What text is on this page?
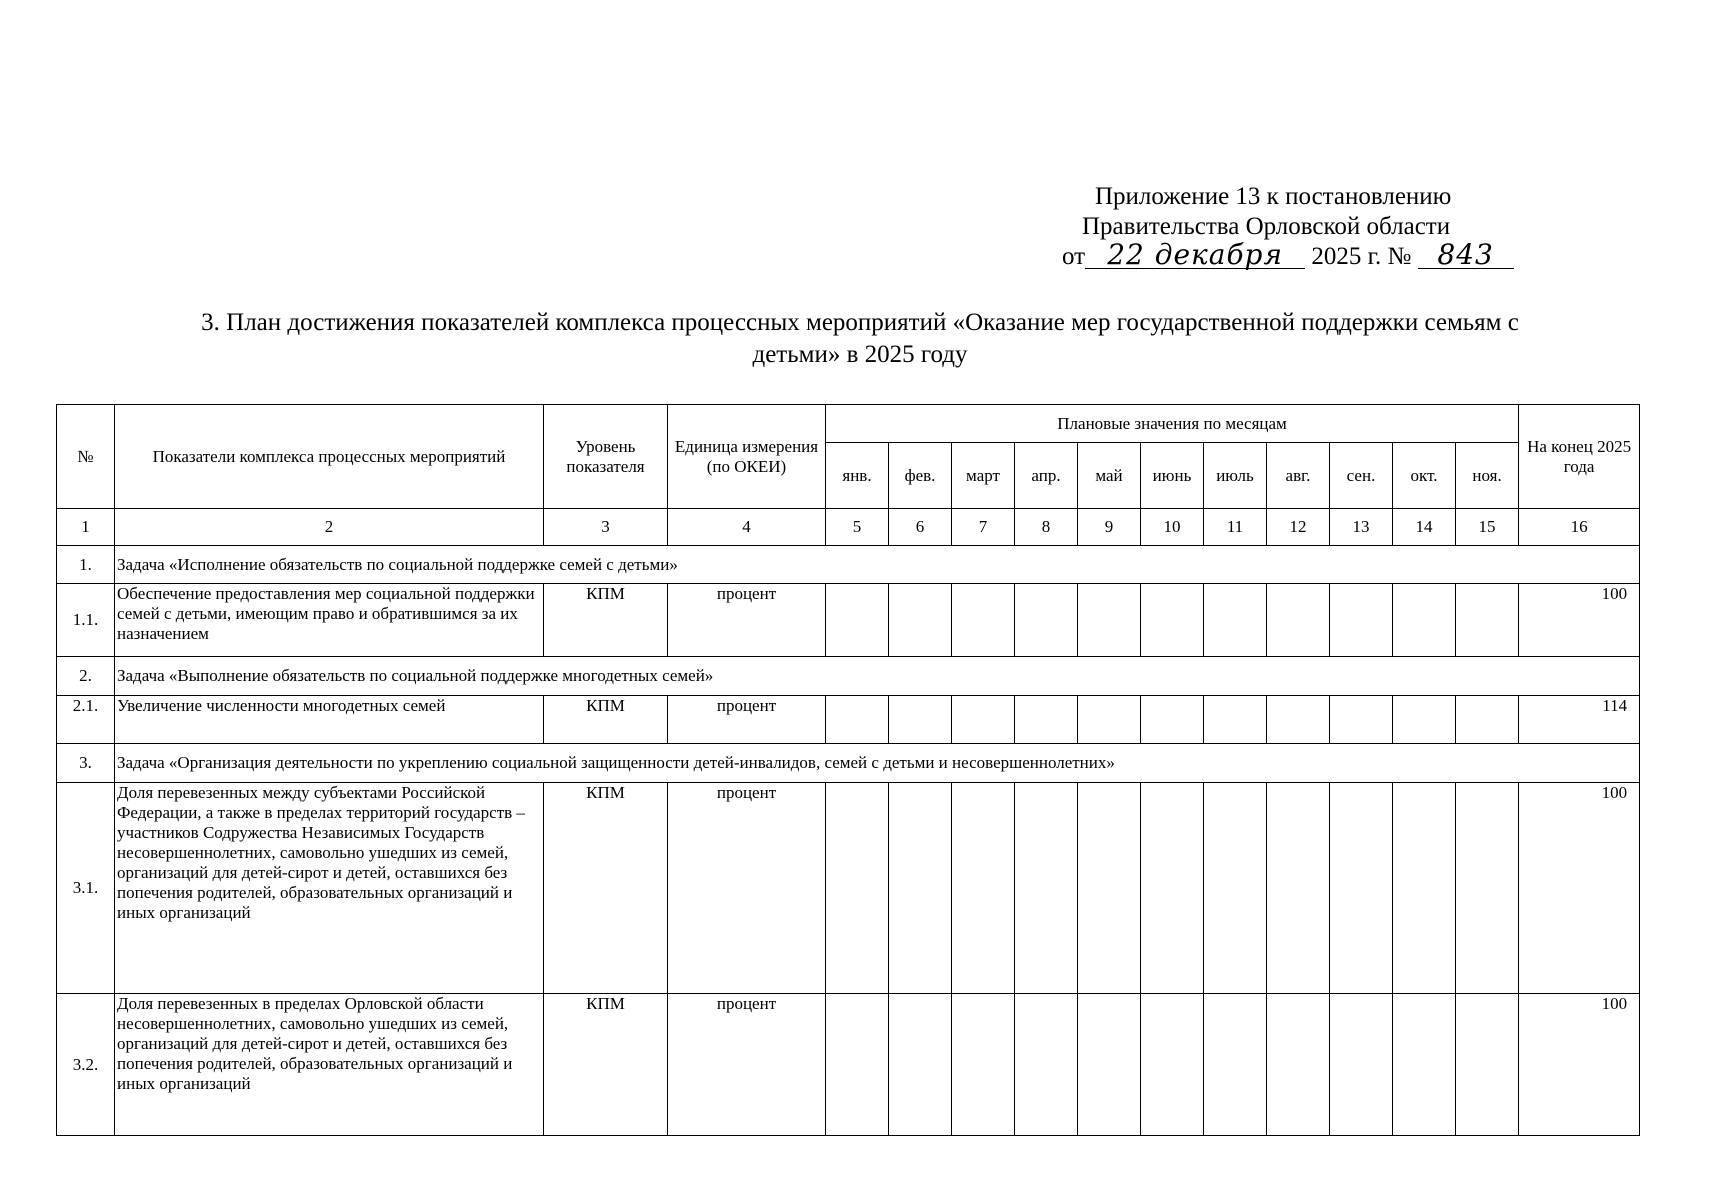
Приложение 13 к постановлению
Правительства Орловской области
от 22 декабря 2025 г. № 843
3. План достижения показателей комплекса процессных мероприятий «Оказание мер государственной поддержки семьям с
детьми» в 2025 году
№	Показатели комплекса процессных мероприятий	Уровень показателя	Единица измерения (по ОКЕИ)	Плановые значения по месяцам											На конец 2025 года
				янв.	фев.	март	апр.	май	июнь	июль	авг.	сен.	окт.	ноя.	
1	2	3	4	5	6	7	8	9	10	11	12	13	14	15	16
1.	Задача «Исполнение обязательств по социальной поддержке семей с детьми»														
1.1.	Обеспечение предоставления мер социальной поддержки семей с детьми, имеющим право и обратившимся за их назначением	КПМ	процент												100
2.	Задача «Выполнение обязательств по социальной поддержке многодетных семей»														
2.1.	Увеличение численности многодетных семей	КПМ	процент												114
3.	Задача «Организация деятельности по укреплению социальной защищенности детей-инвалидов, семей с детьми и несовершеннолетних»														
3.1.	Доля перевезенных между субъектами Российской Федерации, а также в пределах территорий государств – участников Содружества Независимых Государств несовершеннолетних, самовольно ушедших из семей, организаций для детей-сирот и детей, оставшихся без попечения родителей, образовательных организаций и иных организаций	КПМ	процент												100
3.2.	Доля перевезенных в пределах Орловской области несовершеннолетних, самовольно ушедших из семей, организаций для детей-сирот и детей, оставшихся без попечения родителей, образовательных организаций и иных организаций	КПМ	процент												100
